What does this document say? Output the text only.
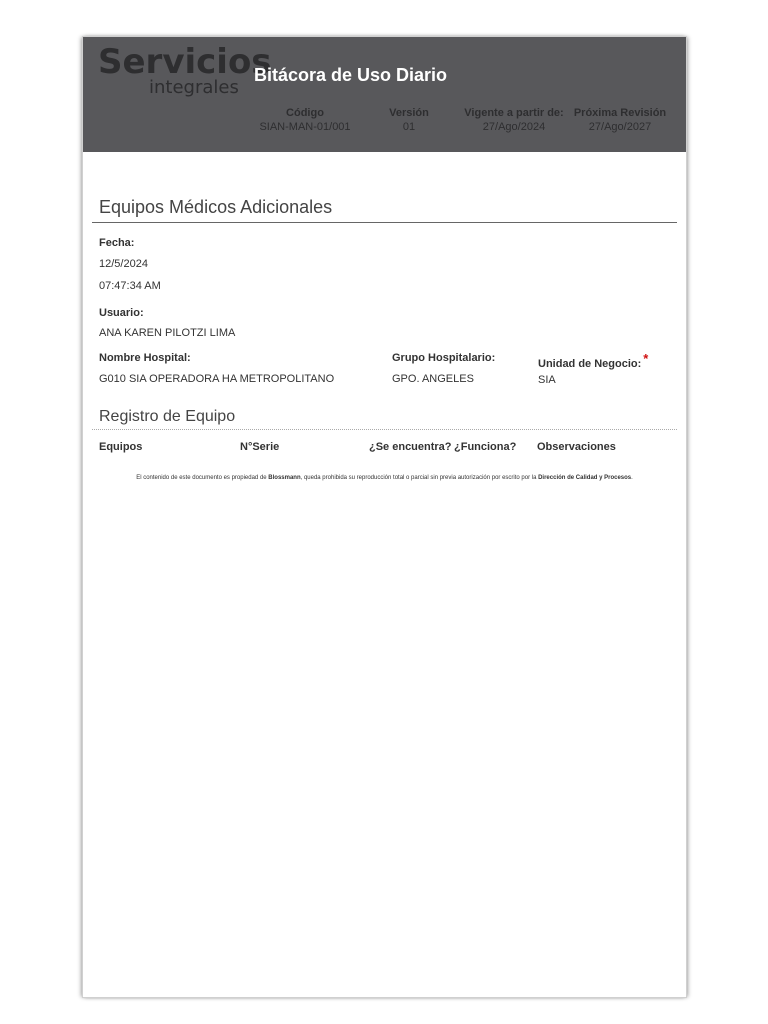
Servicios
integrales
Bitácora de Uso Diario
Código
SIAN-MAN-01/001
Versión
01
Vigente a partir de:
27/Ago/2024
Próxima Revisión
27/Ago/2027
Equipos Médicos Adicionales
Fecha:
12/5/2024
07:47:34 AM
Usuario:
ANA KAREN PILOTZI LIMA
Nombre Hospital:
G010 SIA OPERADORA HA METROPOLITANO
Grupo Hospitalario:
GPO. ANGELES
Unidad de Negocio: *
SIA
Registro de Equipo
Equipos	N°Serie	¿Se encuentra? ¿Funciona? Observaciones
El contenido de este documento es propiedad de Blossmann, queda prohibida su reproducción total o parcial sin previa autorización por escrito por la Dirección de Calidad y Procesos.
